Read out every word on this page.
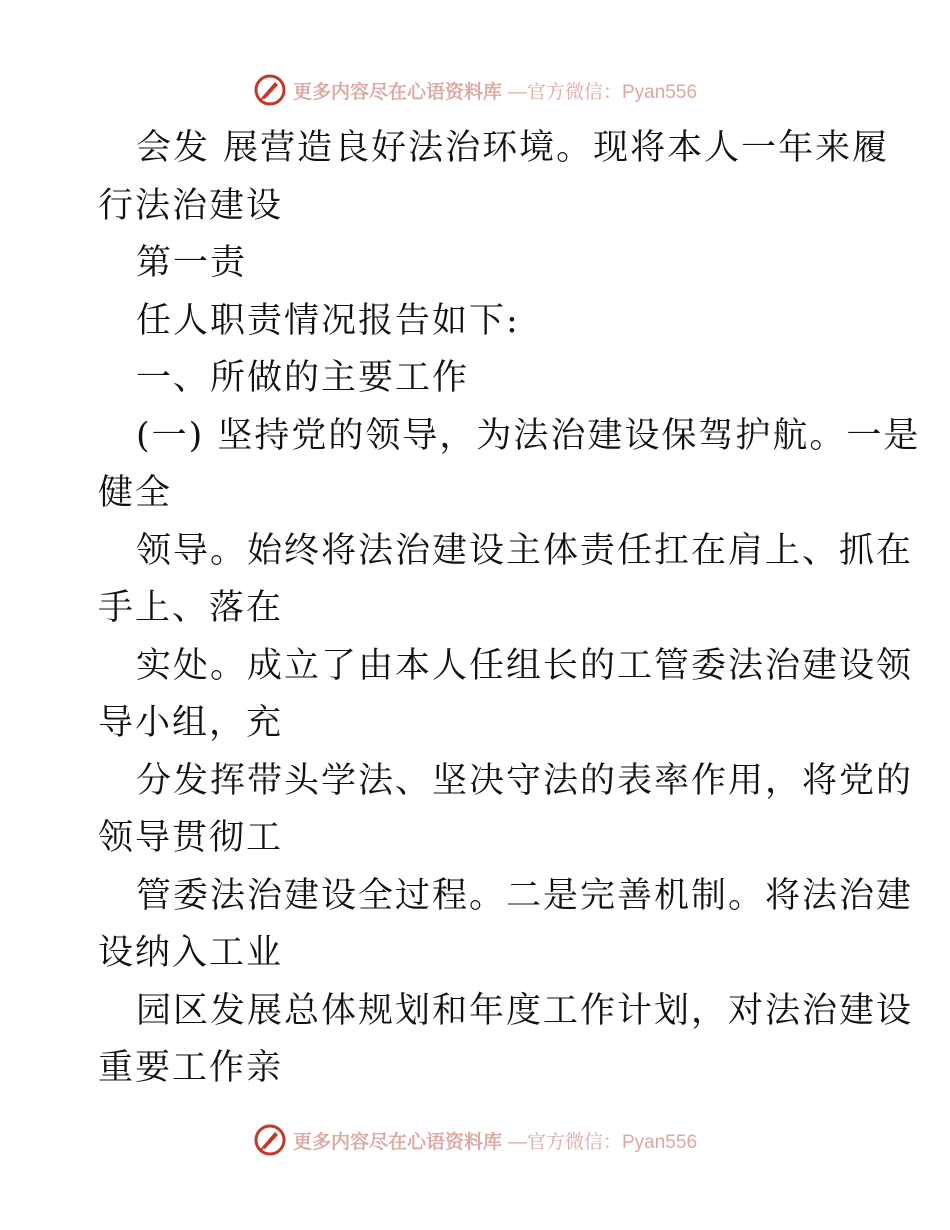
更多内容尽在心语资料库 —官方微信：Pyan556
会发 展营造良好法治环境。现将本人一年来履
行法治建设
第一责
任人职责情况报告如下:
一、所做的主要工作
(一) 坚持党的领导，为法治建设保驾护航。一是
健全
领导。始终将法治建设主体责任扛在肩上、抓在
手上、落在
实处。成立了由本人任组长的工管委法治建设领
导小组，充
分发挥带头学法、坚决守法的表率作用，将党的
领导贯彻工
管委法治建设全过程。二是完善机制。将法治建
设纳入工业
园区发展总体规划和年度工作计划，对法治建设
重要工作亲
更多内容尽在心语资料库 —官方微信：Pyan556
